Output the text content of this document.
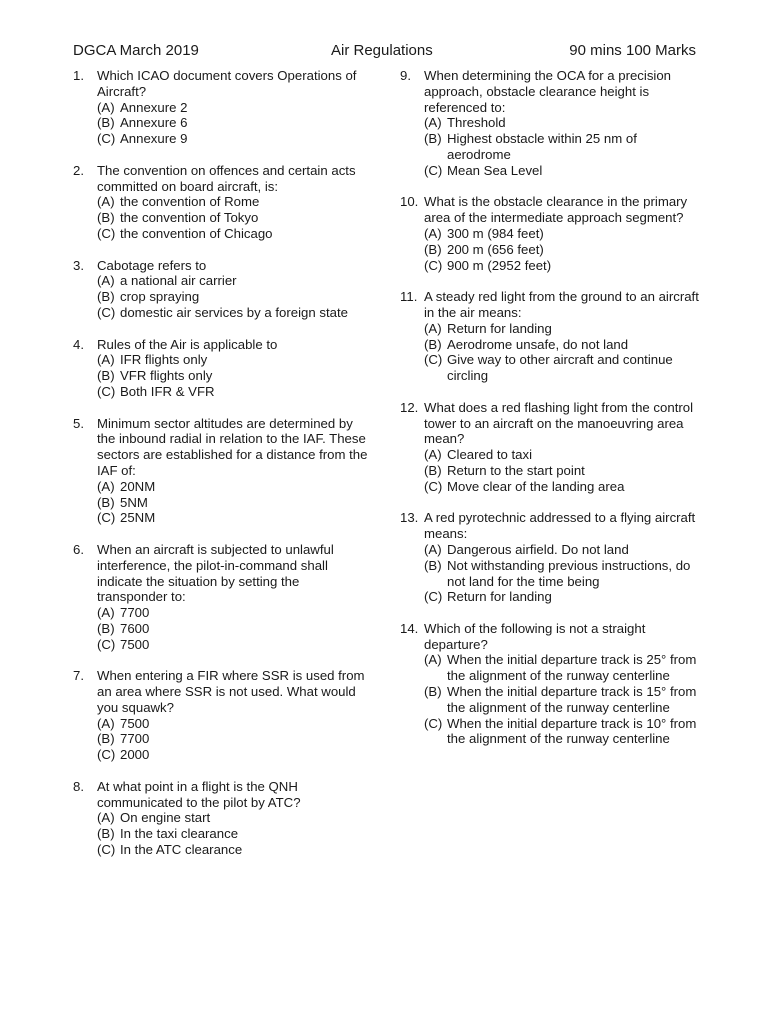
DGCA March 2019	Air Regulations	90 mins 100 Marks
1. Which ICAO document covers Operations of Aircraft?
(A) Annexure 2
(B) Annexure 6
(C) Annexure 9
2. The convention on offences and certain acts committed on board aircraft, is:
(A) the convention of Rome
(B) the convention of Tokyo
(C) the convention of Chicago
3. Cabotage refers to
(A) a national air carrier
(B) crop spraying
(C) domestic air services by a foreign state
4. Rules of the Air is applicable to
(A) IFR flights only
(B) VFR flights only
(C) Both IFR & VFR
5. Minimum sector altitudes are determined by the inbound radial in relation to the IAF. These sectors are established for a distance from the IAF of:
(A) 20NM
(B) 5NM
(C) 25NM
6. When an aircraft is subjected to unlawful interference, the pilot-in-command shall indicate the situation by setting the transponder to:
(A) 7700
(B) 7600
(C) 7500
7. When entering a FIR where SSR is used from an area where SSR is not used. What would you squawk?
(A) 7500
(B) 7700
(C) 2000
8. At what point in a flight is the QNH communicated to the pilot by ATC?
(A) On engine start
(B) In the taxi clearance
(C) In the ATC clearance
9. When determining the OCA for a precision approach, obstacle clearance height is referenced to:
(A) Threshold
(B) Highest obstacle within 25 nm of aerodrome
(C) Mean Sea Level
10. What is the obstacle clearance in the primary area of the intermediate approach segment?
(A) 300 m (984 feet)
(B) 200 m (656 feet)
(C) 900 m (2952 feet)
11. A steady red light from the ground to an aircraft in the air means:
(A) Return for landing
(B) Aerodrome unsafe, do not land
(C) Give way to other aircraft and continue circling
12. What does a red flashing light from the control tower to an aircraft on the manoeuvring area mean?
(A) Cleared to taxi
(B) Return to the start point
(C) Move clear of the landing area
13. A red pyrotechnic addressed to a flying aircraft means:
(A) Dangerous airfield. Do not land
(B) Not withstanding previous instructions, do not land for the time being
(C) Return for landing
14. Which of the following is not a straight departure?
(A) When the initial departure track is 25° from the alignment of the runway centerline
(B) When the initial departure track is 15° from the alignment of the runway centerline
(C) When the initial departure track is 10° from the alignment of the runway centerline
